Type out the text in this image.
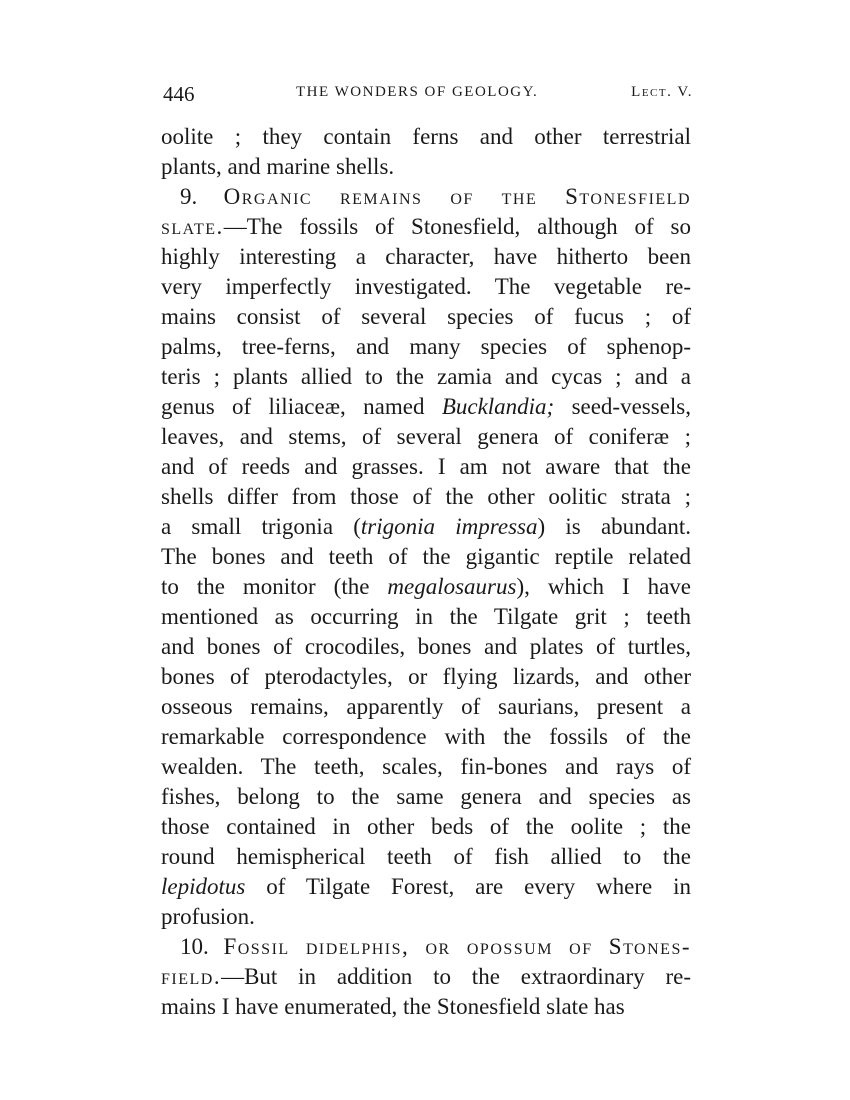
446	THE WONDERS OF GEOLOGY.	Lect. V.
oolite ; they contain ferns and other terrestrial
plants, and marine shells.
9. Organic remains of the Stonesfield
slate.—The fossils of Stonesfield, although of so
highly interesting a character, have hitherto been
very imperfectly investigated. The vegetable re-
mains consist of several species of fucus ; of
palms, tree-ferns, and many species of sphenop-
teris ; plants allied to the zamia and cycas ; and a
genus of liliaceæ, named Bucklandia; seed-vessels,
leaves, and stems, of several genera of coniferæ ;
and of reeds and grasses. I am not aware that the
shells differ from those of the other oolitic strata ;
a small trigonia (trigonia impressa) is abundant.
The bones and teeth of the gigantic reptile related
to the monitor (the megalosaurus), which I have
mentioned as occurring in the Tilgate grit ; teeth
and bones of crocodiles, bones and plates of turtles,
bones of pterodactyles, or flying lizards, and other
osseous remains, apparently of saurians, present a
remarkable correspondence with the fossils of the
wealden. The teeth, scales, fin-bones and rays of
fishes, belong to the same genera and species as
those contained in other beds of the oolite ; the
round hemispherical teeth of fish allied to the
lepidotus of Tilgate Forest, are every where in
profusion.
10. Fossil didelphis, or opossum of Stones-
field.—But in addition to the extraordinary re-
mains I have enumerated, the Stonesfield slate has
